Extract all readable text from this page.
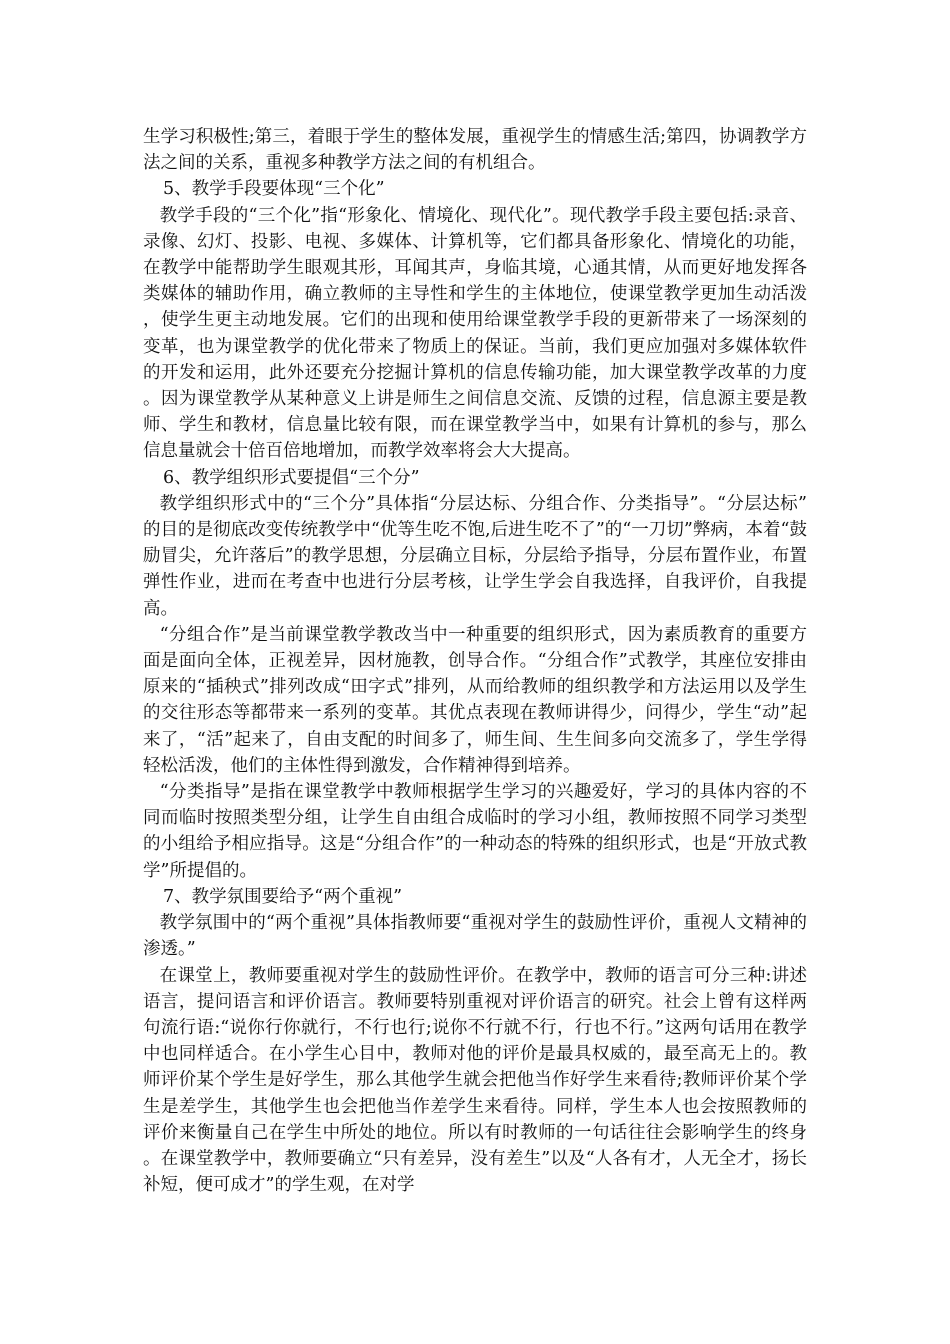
生学习积极性;第三，着眼于学生的整体发展，重视学生的情感生活;第四，协调教学方法之间的关系，重视多种教学方法之间的有机组合。

5、教学手段要体现“三个化”

教学手段的“三个化”指“形象化、情境化、现代化”。现代教学手段主要包括:录音、录像、幻灯、投影、电视、多媒体、计算机等，它们都具备形象化、情境化的功能，在教学中能帮助学生眼观其形，耳闻其声，身临其境，心通其情，从而更好地发挥各类媒体的辅助作用，确立教师的主导性和学生的主体地位，使课堂教学更加生动活泼，使学生更主动地发展。它们的出现和使用给课堂教学手段的更新带来了一场深刻的变革，也为课堂教学的优化带来了物质上的保证。当前，我们更应加强对多媒体软件的开发和运用，此外还要充分挖掘计算机的信息传输功能，加大课堂教学改革的力度。因为课堂教学从某种意义上讲是师生之间信息交流、反馈的过程，信息源主要是教师、学生和教材，信息量比较有限，而在课堂教学当中，如果有计算机的参与，那么信息量就会十倍百倍地增加，而教学效率将会大大提高。

6、教学组织形式要提倡“三个分”

教学组织形式中的“三个分”具体指“分层达标、分组合作、分类指导”。“分层达标”的目的是彻底改变传统教学中“优等生吃不饱,后进生吃不了”的“一刀切”弊病，本着“鼓励冒尖，允许落后”的教学思想，分层确立目标，分层给予指导，分层布置作业，布置弹性作业，进而在考查中也进行分层考核，让学生学会自我选择，自我评价，自我提高。

“分组合作”是当前课堂教学教改当中一种重要的组织形式，因为素质教育的重要方面是面向全体，正视差异，因材施教，创导合作。“分组合作”式教学，其座位安排由原来的“插秧式”排列改成“田字式”排列，从而给教师的组织教学和方法运用以及学生的交往形态等都带来一系列的变革。其优点表现在教师讲得少，问得少，学生“动”起来了，“活”起来了，自由支配的时间多了，师生间、生生间多向交流多了，学生学得轻松活泼，他们的主体性得到激发，合作精神得到培养。

“分类指导”是指在课堂教学中教师根据学生学习的兴趣爱好，学习的具体内容的不同而临时按照类型分组，让学生自由组合成临时的学习小组，教师按照不同学习类型的小组给予相应指导。这是“分组合作”的一种动态的特殊的组织形式，也是“开放式教学”所提倡的。

7、教学氛围要给予“两个重视”

教学氛围中的“两个重视”具体指教师要“重视对学生的鼓励性评价，重视人文精神的渗透。”

在课堂上，教师要重视对学生的鼓励性评价。在教学中，教师的语言可分三种:讲述语言，提问语言和评价语言。教师要特别重视对评价语言的研究。社会上曾有这样两句流行语:“说你行你就行，不行也行;说你不行就不行，行也不行。”这两句话用在教学中也同样适合。在小学生心目中，教师对他的评价是最具权威的，最至高无上的。教师评价某个学生是好学生，那么其他学生就会把他当作好学生来看待;教师评价某个学生是差学生，其他学生也会把他当作差学生来看待。同样，学生本人也会按照教师的评价来衡量自己在学生中所处的地位。所以有时教师的一句话往往会影响学生的终身。在课堂教学中，教师要确立“只有差异，没有差生”以及“人各有才，人无全才，扬长补短，便可成才”的学生观，在对学
